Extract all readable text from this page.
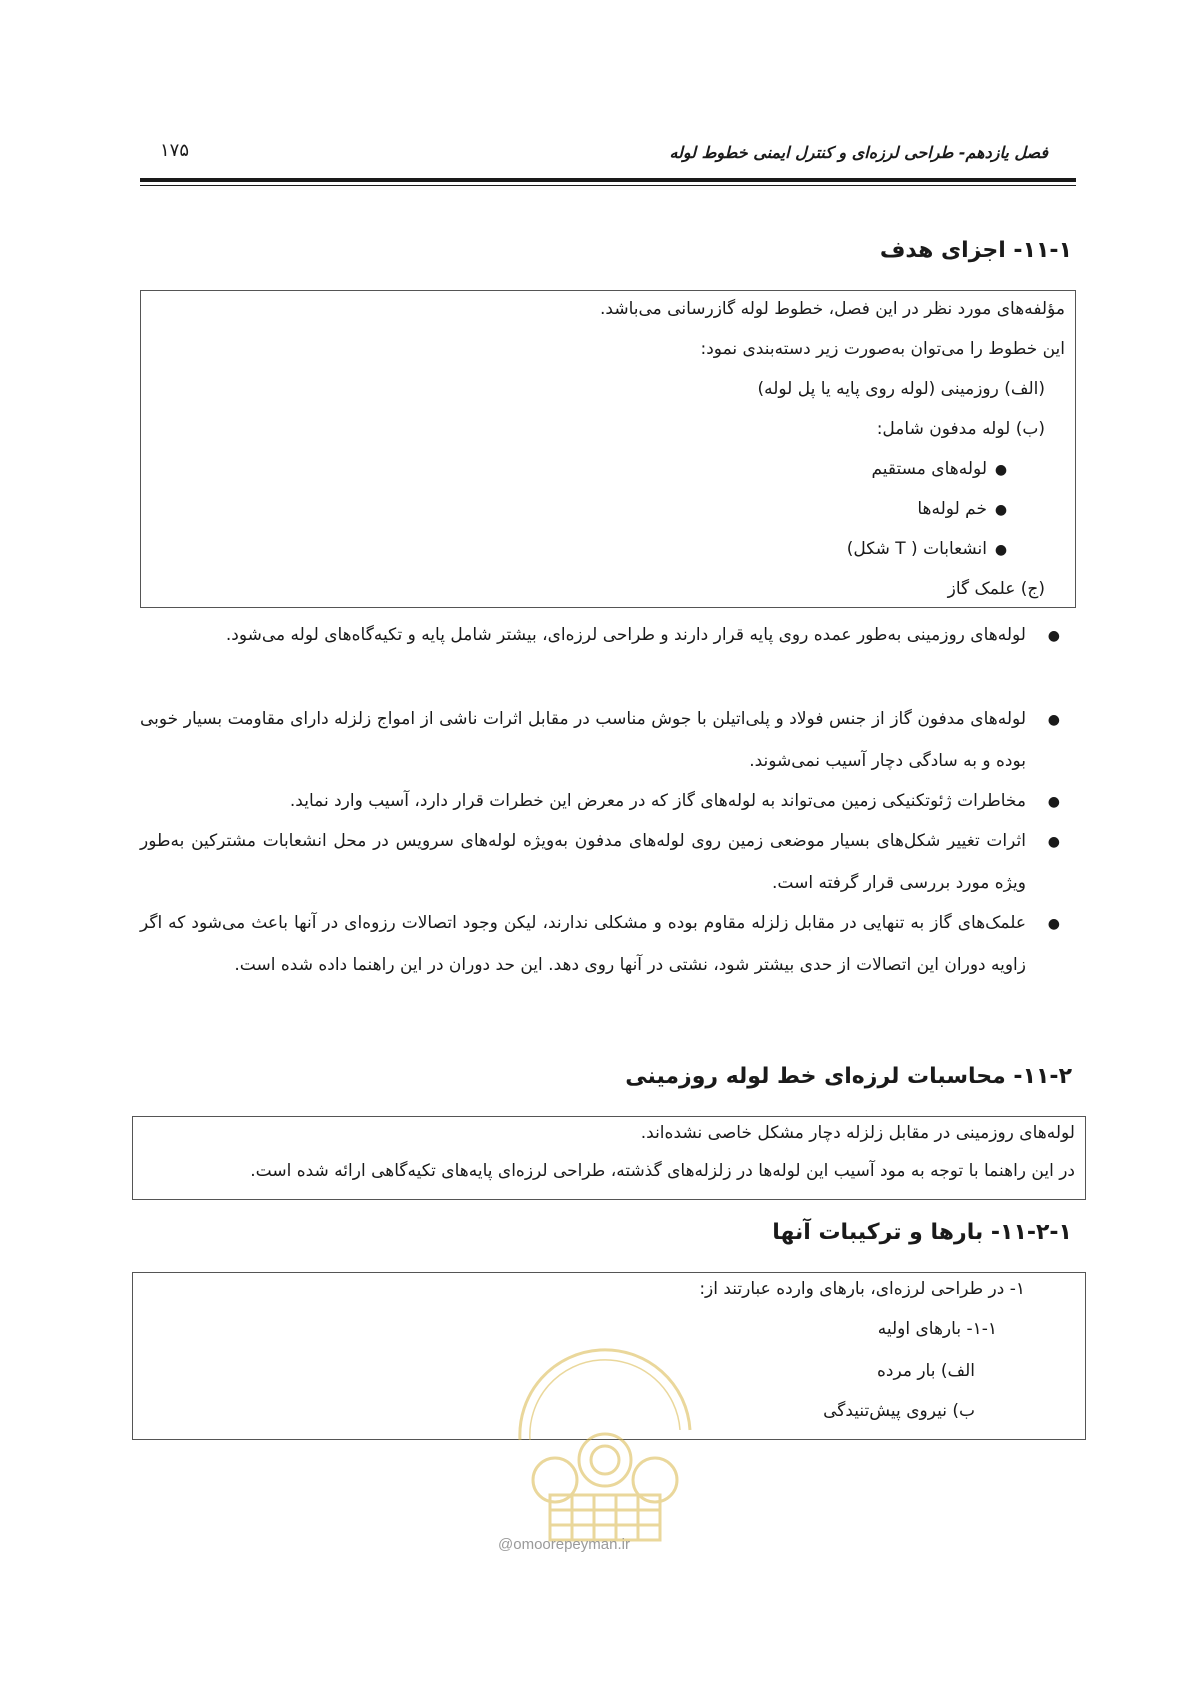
۱۷۵	فصل یازدهم- طراحی لرزه‌ای و کنترل ایمنی خطوط لوله
۱۱-۱- اجزای هدف
مؤلفه‌های مورد نظر در این فصل، خطوط لوله گازرسانی می‌باشد.
این خطوط را می‌توان به‌صورت زیر دسته‌بندی نمود:
(الف) روزمینی (لوله روی پایه یا پل لوله)
(ب) لوله مدفون شامل:
●لوله‌های مستقیم
●خم لوله‌ها
●انشعابات ( T شکل)
(ج) علمک گاز
●
لوله‌های روزمینی به‌طور عمده روی پایه قرار دارند و طراحی لرزه‌ای، بیشتر شامل پایه و تکیه‌گاه‌های لوله می‌شود.
●
لوله‌های مدفون گاز از جنس فولاد و پلی‌اتیلن با جوش مناسب در مقابل اثرات ناشی از امواج زلزله دارای مقاومت بسیار خوبی بوده و به سادگی دچار آسیب نمی‌شوند.
●
مخاطرات ژئوتکنیکی زمین می‌تواند به لوله‌های گاز که در معرض این خطرات قرار دارد، آسیب وارد نماید.
●
اثرات تغییر شکل‌های بسیار موضعی زمین روی لوله‌های مدفون به‌ویژه لوله‌های سرویس در محل انشعابات مشترکین به‌طور ویژه مورد بررسی قرار گرفته است.
●
علمک‌های گاز به تنهایی در مقابل زلزله مقاوم بوده و مشکلی ندارند، لیکن وجود اتصالات رزوه‌ای در آنها باعث می‌شود که اگر زاویه دوران این اتصالات از حدی بیشتر شود، نشتی در آنها روی دهد. این حد دوران در این راهنما داده شده است.
۱۱-۲- محاسبات لرزه‌ای خط لوله روزمینی
لوله‌های روزمینی در مقابل زلزله دچار مشکل خاصی نشده‌اند.
در این راهنما با توجه به مود آسیب این لوله‌ها در زلزله‌های گذشته، طراحی لرزه‌ای پایه‌های تکیه‌گاهی ارائه شده است.
۱۱-۲-۱- بارها و ترکیبات آنها
۱- در طراحی لرزه‌ای، بارهای وارده عبارتند از:
۱-۱- بارهای اولیه
الف) بار مرده
ب) نیروی پیش‌تنیدگی
@omoorepeyman.ir
